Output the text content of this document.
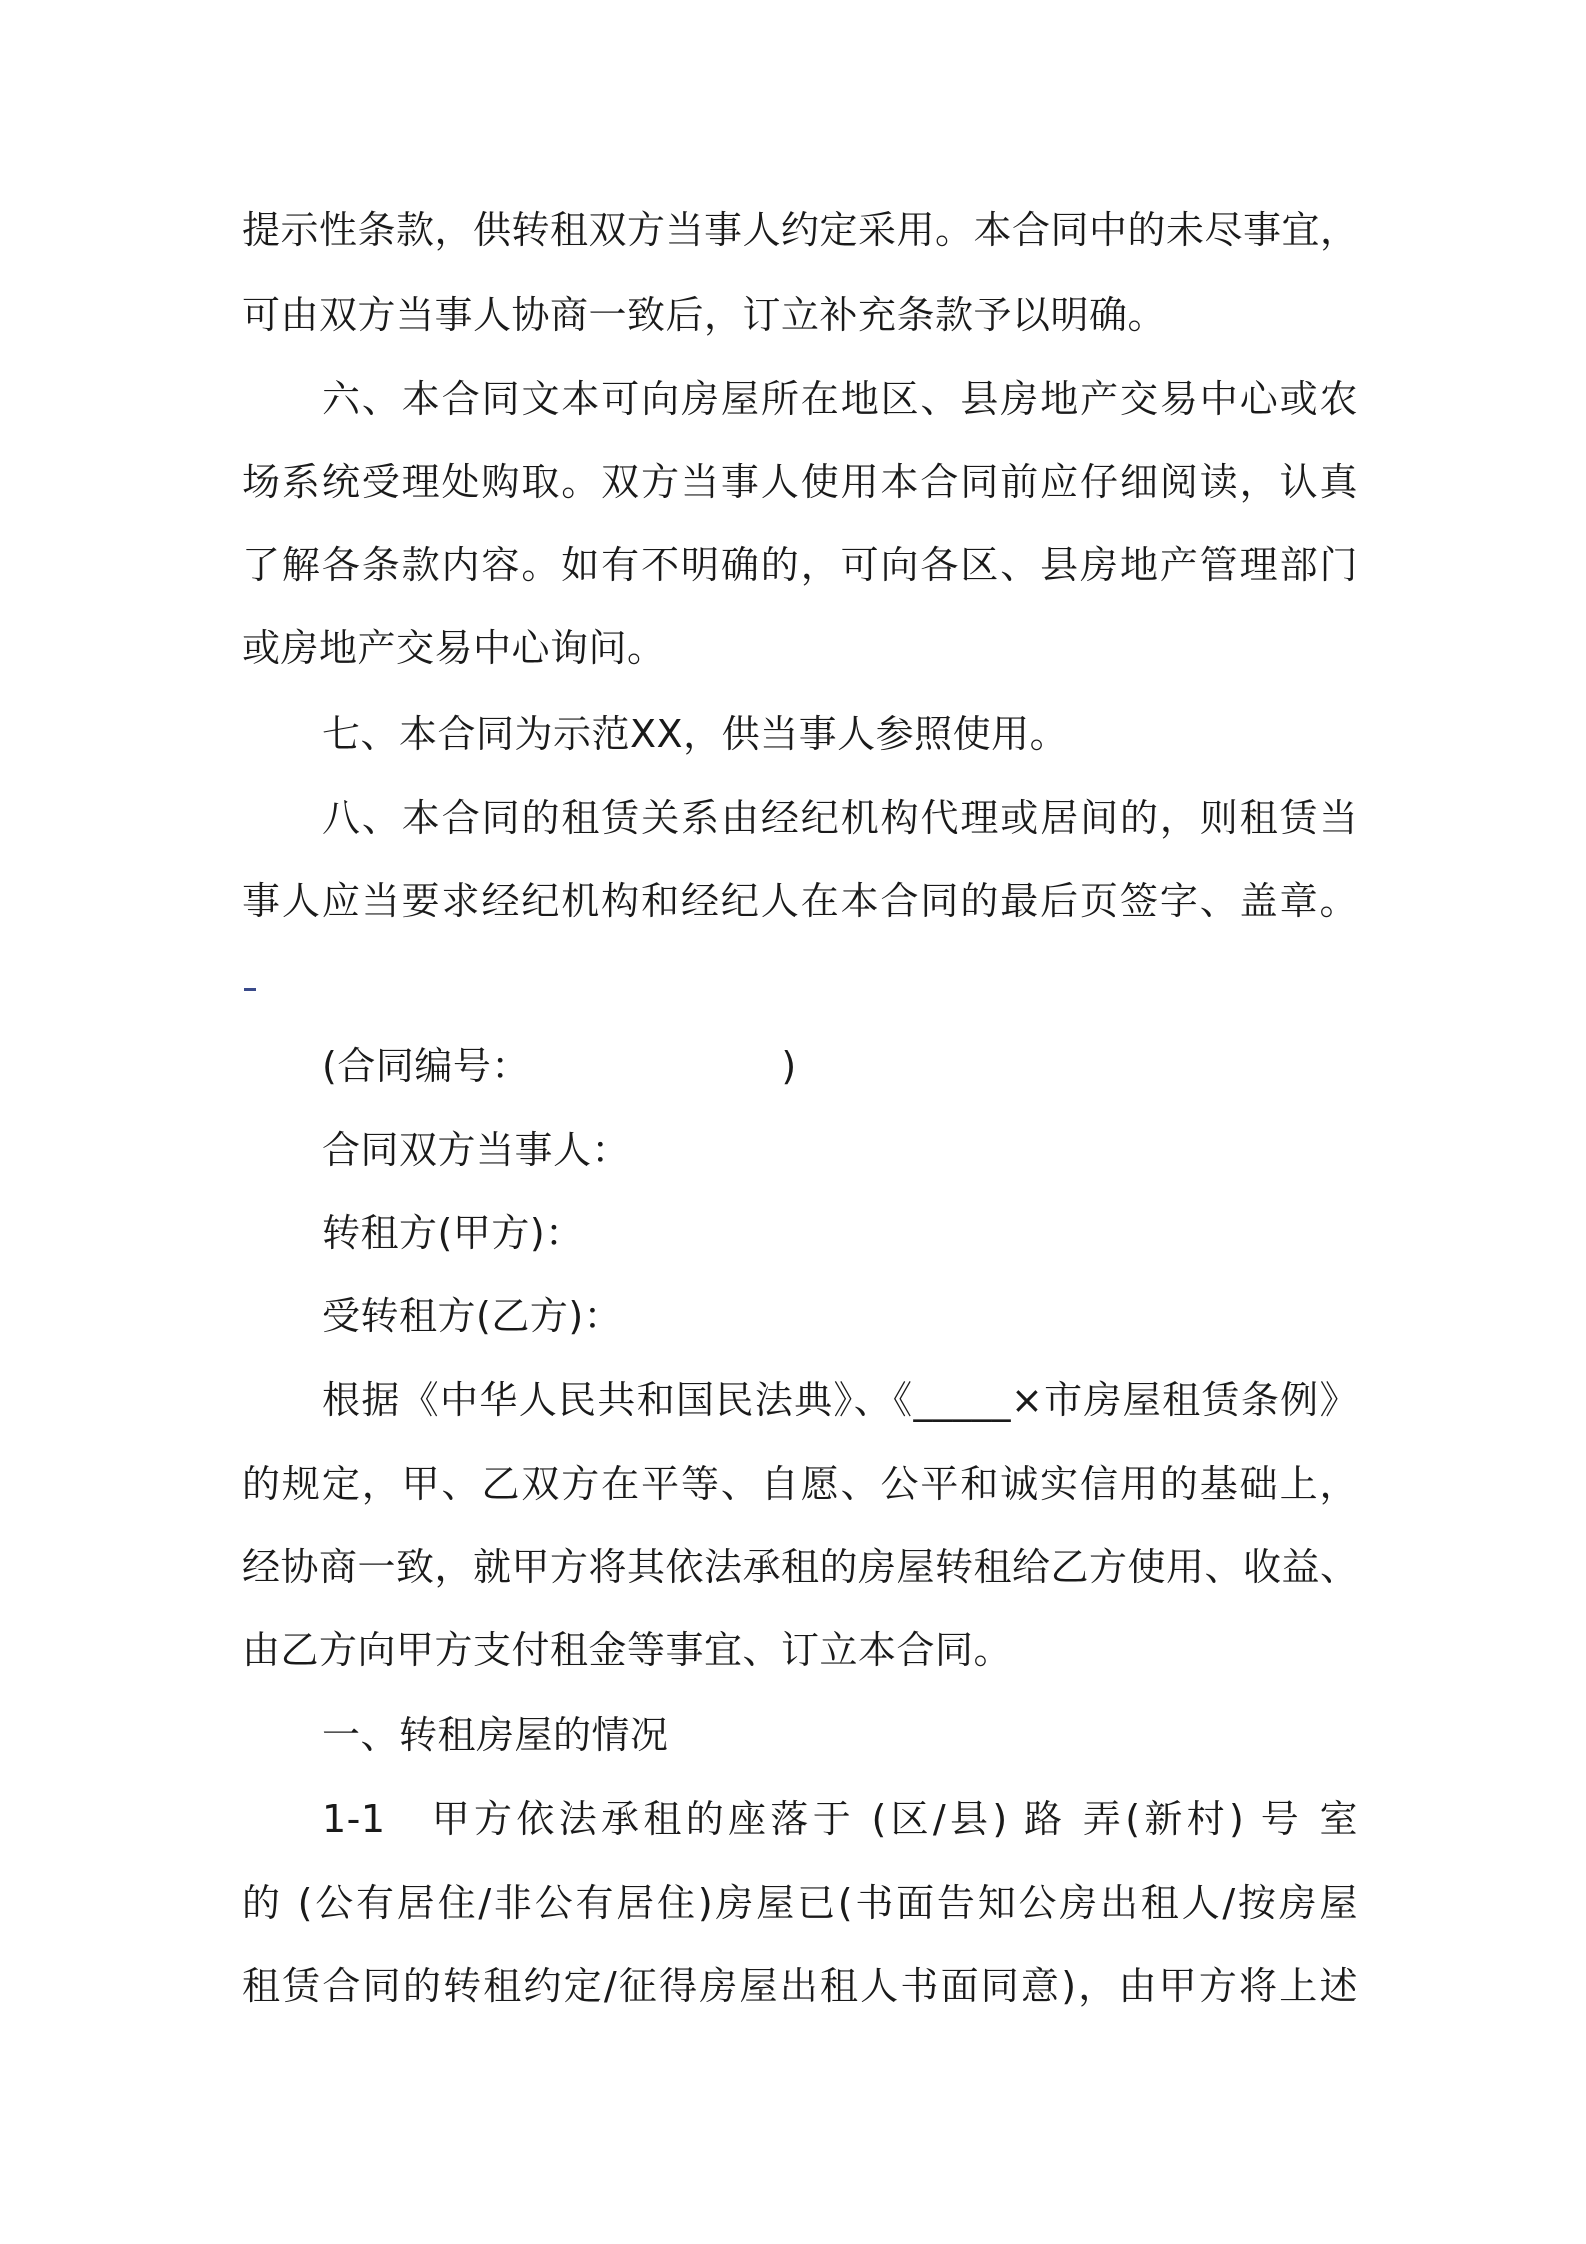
提示性条款，供转租双方当事人约定采用。本合同中的未尽事宜，
可由双方当事人协商一致后，订立补充条款予以明确。
六、本合同文本可向房屋所在地区、县房地产交易中心或农
场系统受理处购取。双方当事人使用本合同前应仔细阅读，认真
了解各条款内容。如有不明确的，可向各区、县房地产管理部门
或房地产交易中心询问。
七、本合同为示范XX，供当事人参照使用。
八、本合同的租赁关系由经纪机构代理或居间的，则租赁当
事人应当要求经纪机构和经纪人在本合同的最后页签字、盖章。
(合同编号：                    )
合同双方当事人：
转租方(甲方)：
受转租方(乙方)：
根据《中华人民共和国民法典》、《_____×市房屋租赁条例》
的规定，甲、乙双方在平等、自愿、公平和诚实信用的基础上，
经协商一致，就甲方将其依法承租的房屋转租给乙方使用、收益、
由乙方向甲方支付租金等事宜、订立本合同。
一、转租房屋的情况
1-1　甲方依法承租的座落于 (区/县) 路 弄(新村) 号 室
的 (公有居住/非公有居住)房屋已(书面告知公房出租人/按房屋
租赁合同的转租约定/征得房屋出租人书面同意)，由甲方将上述
